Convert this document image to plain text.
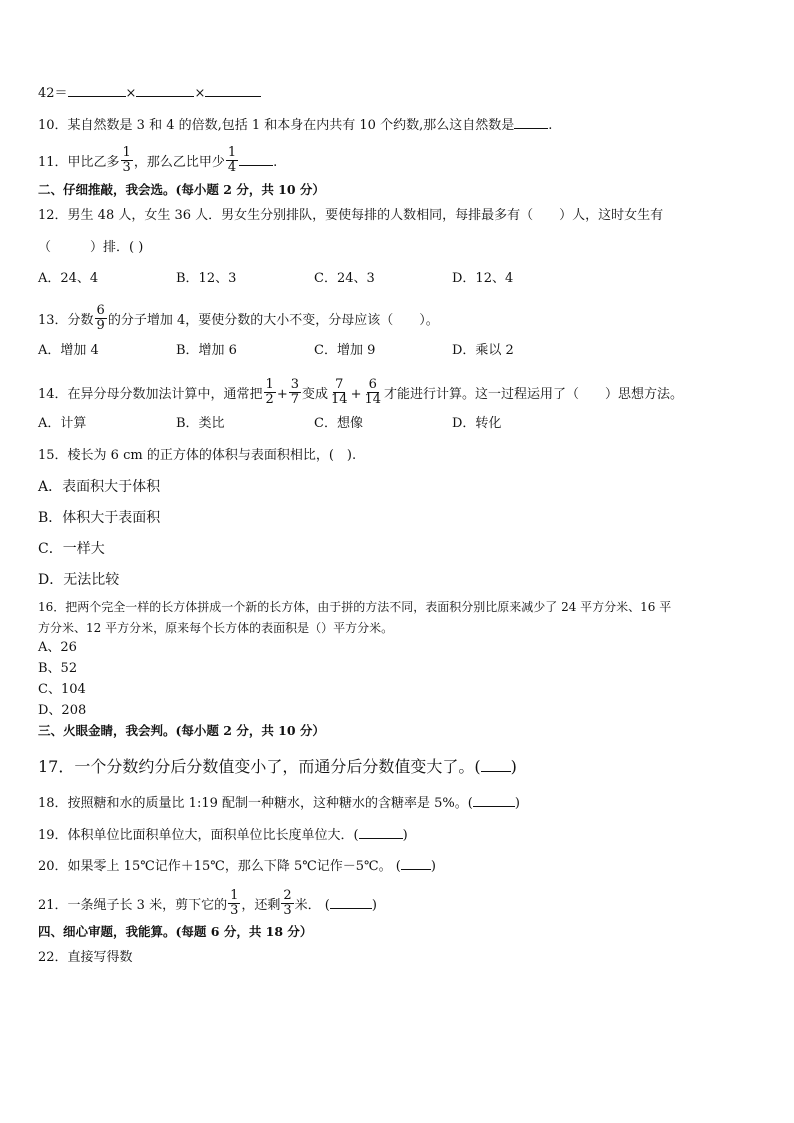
42＝	×	×
10．某自然数是 3 和 4 的倍数,包括 1 和本身在内共有 10 个约数,那么这自然数是	.
11．甲比乙多 $\frac{1}{3}$ ，那么乙比甲少 $\frac{1}{4}$	.
二、仔细推敲，我会选。(每小题 2 分，共 10 分）
12．男生 48 人，女生 36 人．男女生分别排队，要使每排的人数相同，每排最多有（　　）人，这时女生有
（　　　）排．( )
A．24、4	B．12、3	C．24、3	D．12、4
13．分数 $\frac{6}{9}$ 的分子增加 4，要使分数的大小不变，分母应该（　　）。
A．增加 4	B．增加 6	C．增加 9	D．乘以 2
14．在异分母分数加法计算中，通常把 $\frac{1}{2} + \frac{3}{7}$ 变成 $\frac{7}{14} + \frac{6}{14}$ 才能进行计算。这一过程运用了（　　）思想方法。
A．计算	B．类比	C．想像	D．转化
15．棱长为 6 cm 的正方体的体积与表面积相比，(　).
A．表面积大于体积
B．体积大于表面积
C．一样大
D．无法比较
16．把两个完全一样的长方体拼成一个新的长方体，由于拼的方法不同，表面积分别比原来减少了 24 平方分米、16 平
方分米、12 平方分米，原来每个长方体的表面积是（）平方分米。
A、26
B、52
C、104
D、208
三、火眼金睛，我会判。(每小题 2 分，共 10 分）
17．一个分数约分后分数值变小了，而通分后分数值变大了。( )
18．按照糖和水的质量比 1:19 配制一种糖水，这种糖水的含糖率是 5%。(	)
19．体积单位比面积单位大，面积单位比长度单位大．(	)
20．如果零上 15℃记作＋15℃，那么下降 5℃记作－5℃。 ( )
21．一条绳子长 3 米，剪下它的 $\frac{1}{3}$ ，还剩 $\frac{2}{3}$ 米． (	)
四、细心审题，我能算。(每题 6 分，共 18 分）
22．直接写得数
